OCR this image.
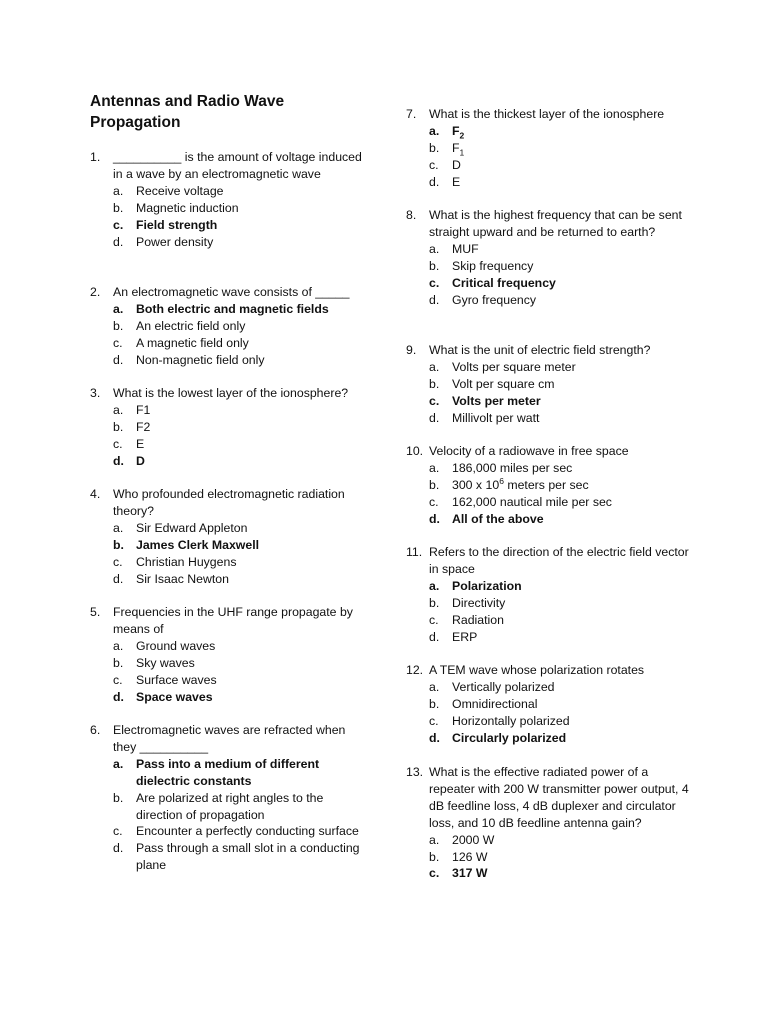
Antennas and Radio Wave Propagation
1. __________ is the amount of voltage induced in a wave by an electromagnetic wave
a. Receive voltage
b. Magnetic induction
c. Field strength
d. Power density
2. An electromagnetic wave consists of _____
a. Both electric and magnetic fields
b. An electric field only
c. A magnetic field only
d. Non-magnetic field only
3. What is the lowest layer of the ionosphere?
a. F1
b. F2
c. E
d. D
4. Who profounded electromagnetic radiation theory?
a. Sir Edward Appleton
b. James Clerk Maxwell
c. Christian Huygens
d. Sir Isaac Newton
5. Frequencies in the UHF range propagate by means of
a. Ground waves
b. Sky waves
c. Surface waves
d. Space waves
6. Electromagnetic waves are refracted when they __________
a. Pass into a medium of different dielectric constants
b. Are polarized at right angles to the direction of propagation
c. Encounter a perfectly conducting surface
d. Pass through a small slot in a conducting plane
7. What is the thickest layer of the ionosphere
a. $F_2$
b. $F_1$
c. D
d. E
8. What is the highest frequency that can be sent straight upward and be returned to earth?
a. MUF
b. Skip frequency
c. Critical frequency
d. Gyro frequency
9. What is the unit of electric field strength?
a. Volts per square meter
b. Volt per square cm
c. Volts per meter
d. Millivolt per watt
10. Velocity of a radiowave in free space
a. 186,000 miles per sec
b. 300 x $10^6$ meters per sec
c. 162,000 nautical mile per sec
d. All of the above
11. Refers to the direction of the electric field vector in space
a. Polarization
b. Directivity
c. Radiation
d. ERP
12. A TEM wave whose polarization rotates
a. Vertically polarized
b. Omnidirectional
c. Horizontally polarized
d. Circularly polarized
13. What is the effective radiated power of a repeater with 200 W transmitter power output, 4 dB feedline loss, 4 dB duplexer and circulator loss, and 10 dB feedline antenna gain?
a. 2000 W
b. 126 W
c. 317 W
